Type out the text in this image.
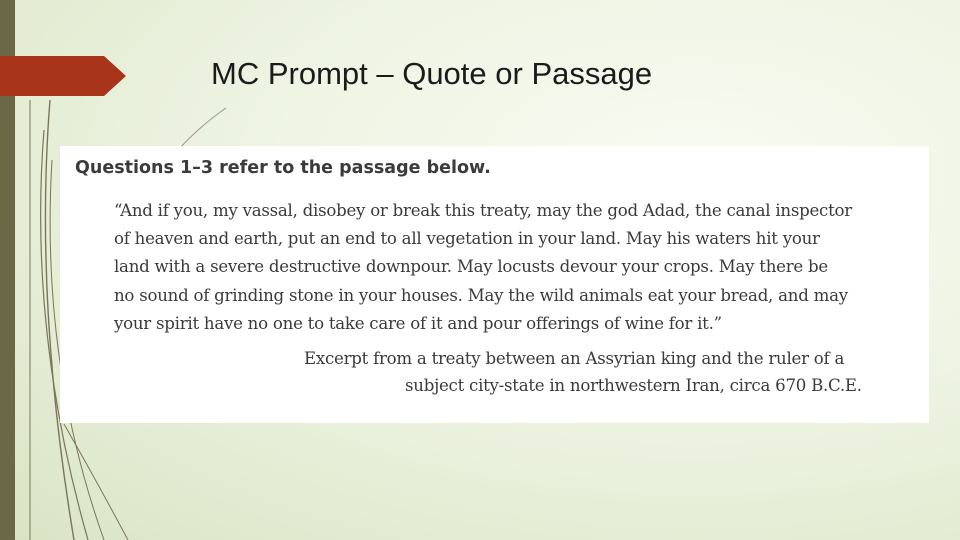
MC Prompt – Quote or Passage

Questions 1–3 refer to the passage below.

“And if you, my vassal, disobey or break this treaty, may the god Adad, the canal inspector

of heaven and earth, put an end to all vegetation in your land. May his waters hit your

land with a severe destructive downpour. May locusts devour your crops. May there be

no sound of grinding stone in your houses. May the wild animals eat your bread, and may

your spirit have no one to take care of it and pour offerings of wine for it.”

Excerpt from a treaty between an Assyrian king and the ruler of a

subject city-state in northwestern Iran, circa 670 B.C.E.
